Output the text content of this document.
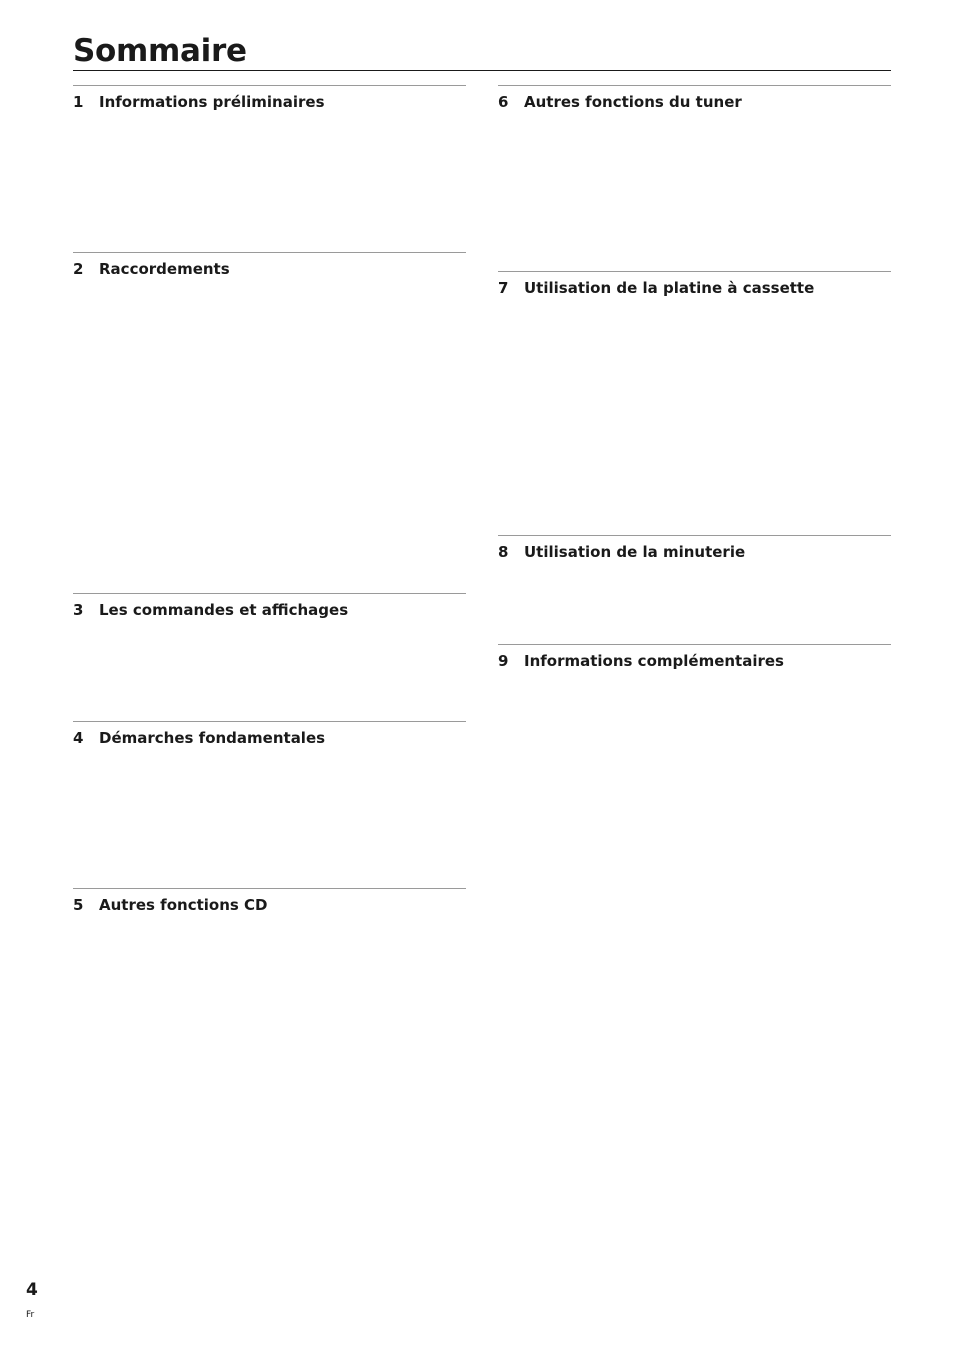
Sommaire
1 Informations préliminaires
2 Raccordements
3 Les commandes et affichages
4 Démarches fondamentales
5 Autres fonctions CD
6 Autres fonctions du tuner
7 Utilisation de la platine à cassette
8 Utilisation de la minuterie
9 Informations complémentaires
4
Fr
